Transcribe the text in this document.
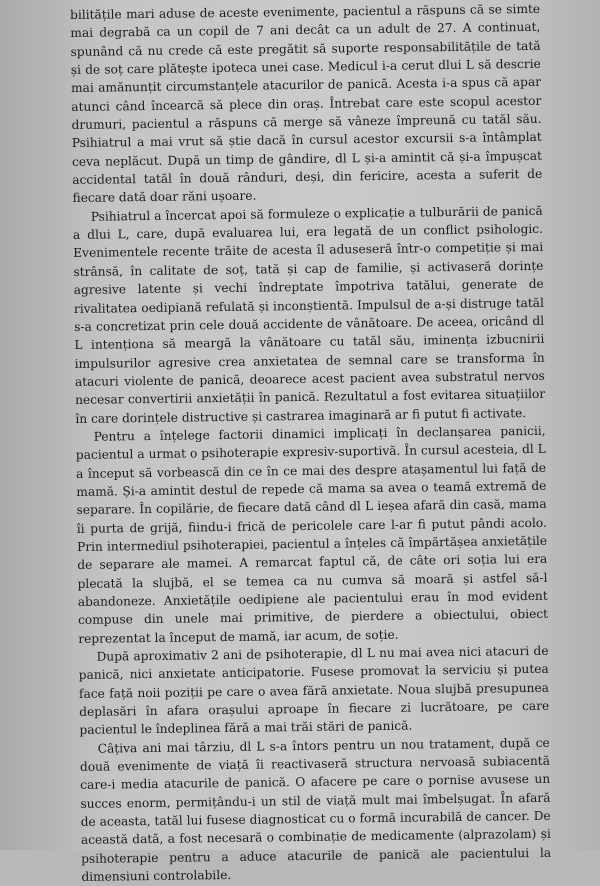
bilitățile mari aduse de aceste evenimente, pacientul a răspuns că se simte mai degrabă ca un copil de 7 ani decât ca un adult de 27. A continuat, spunând că nu crede că este pregătit să suporte responsabilitățile de tată și de soț care plătește ipoteca unei case. Medicul i-a cerut dlui L să descrie mai amănunțit circumstanțele atacurilor de panică. Acesta i-a spus că apar atunci când încearcă să plece din oraș. Întrebat care este scopul acestor drumuri, pacientul a răspuns că merge să vâneze împreună cu tatăl său. Psihiatrul a mai vrut să știe dacă în cursul acestor excursii s-a întâmplat ceva neplăcut. După un timp de gândire, dl L și-a amintit că și-a împușcat accidental tatăl în două rânduri, deși, din fericire, acesta a suferit de fiecare dată doar răni ușoare.

Psihiatrul a încercat apoi să formuleze o explicație a tulburării de panică a dlui L, care, după evaluarea lui, era legată de un conflict psihologic. Evenimentele recente trăite de acesta îl aduseseră într-o competiție și mai strânsă, în calitate de soț, tată și cap de familie, și activaseră dorințe agresive latente și vechi îndreptate împotriva tatălui, generate de rivalitatea oedipiană refulată și inconștientă. Impulsul de a-și distruge tatăl s-a concretizat prin cele două accidente de vânătoare. De aceea, oricând dl L intenționa să meargă la vânătoare cu tatăl său, iminența izbucnirii impulsurilor agresive crea anxietatea de semnal care se transforma în atacuri violente de panică, deoarece acest pacient avea substratul nervos necesar convertirii anxietății în panică. Rezultatul a fost evitarea situațiilor în care dorințele distructive și castrarea imaginară ar fi putut fi activate.

Pentru a înțelege factorii dinamici implicați în declanșarea panicii, pacientul a urmat o psihoterapie expresiv-suportivă. În cursul acesteia, dl L a început să vorbească din ce în ce mai des despre atașamentul lui față de mamă. Și-a amintit destul de repede că mama sa avea o teamă extremă de separare. În copilărie, de fiecare dată când dl L ieșea afară din casă, mama îi purta de grijă, fiindu-i frică de pericolele care l-ar fi putut pândi acolo. Prin intermediul psihoterapiei, pacientul a înțeles că împărtășea anxietățile de separare ale mamei. A remarcat faptul că, de câte ori soția lui era plecată la slujbă, el se temea ca nu cumva să moară și astfel să-l abandoneze. Anxietățile oedipiene ale pacientului erau în mod evident compuse din unele mai primitive, de pierdere a obiectului, obiect reprezentat la început de mamă, iar acum, de soție.

După aproximativ 2 ani de psihoterapie, dl L nu mai avea nici atacuri de panică, nici anxietate anticipatorie. Fusese promovat la serviciu și putea face față noii poziții pe care o avea fără anxietate. Noua slujbă presupunea deplasări în afara orașului aproape în fiecare zi lucrătoare, pe care pacientul le îndeplinea fără a mai trăi stări de panică.

Câțiva ani mai târziu, dl L s-a întors pentru un nou tratament, după ce două evenimente de viață îi reactivaseră structura nervoasă subiacentă care-i media atacurile de panică. O afacere pe care o pornise avusese un succes enorm, permițându-i un stil de viață mult mai îmbelșugat. În afară de aceasta, tatăl lui fusese diagnosticat cu o formă incurabilă de cancer. De această dată, a fost necesară o combinație de medicamente (alprazolam) și psihoterapie pentru a aduce atacurile de panică ale pacientului la dimensiuni controlabile.
